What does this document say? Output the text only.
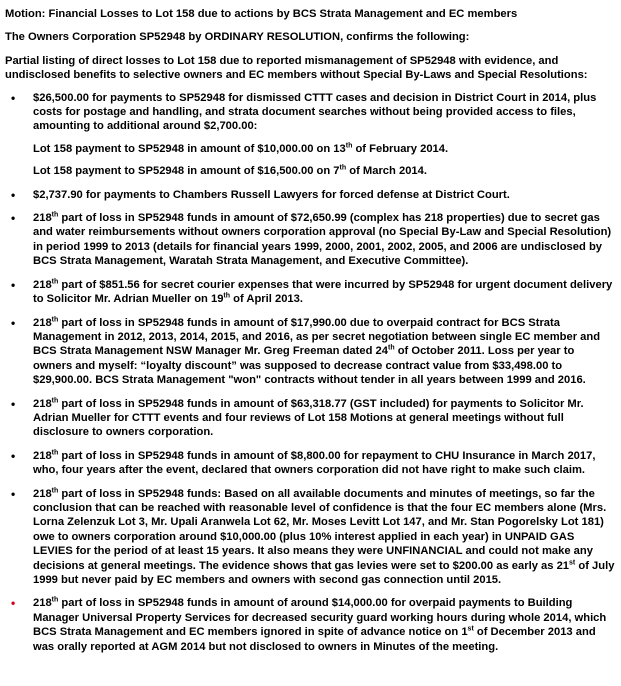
Motion: Financial Losses to Lot 158 due to actions by BCS Strata Management and EC members
The Owners Corporation SP52948 by ORDINARY RESOLUTION, confirms the following:
Partial listing of direct losses to Lot 158 due to reported mismanagement of SP52948 with evidence, and undisclosed benefits to selective owners and EC members without Special By-Laws and Special Resolutions:
• $26,500.00 for payments to SP52948 for dismissed CTTT cases and decision in District Court in 2014, plus costs for postage and handling, and strata document searches without being provided access to files, amounting to additional around $2,700.00:
Lot 158 payment to SP52948 in amount of $10,000.00 on 13th of February 2014.
Lot 158 payment to SP52948 in amount of $16,500.00 on 7th of March 2014.
• $2,737.90 for payments to Chambers Russell Lawyers for forced defense at District Court.
• 218th part of loss in SP52948 funds in amount of $72,650.99 (complex has 218 properties) due to secret gas and water reimbursements without owners corporation approval (no Special By-Law and Special Resolution) in period 1999 to 2013 (details for financial years 1999, 2000, 2001, 2002, 2005, and 2006 are undisclosed by BCS Strata Management, Waratah Strata Management, and Executive Committee).
• 218th part of $851.56 for secret courier expenses that were incurred by SP52948 for urgent document delivery to Solicitor Mr. Adrian Mueller on 19th of April 2013.
• 218th part of loss in SP52948 funds in amount of $17,990.00 due to overpaid contract for BCS Strata Management in 2012, 2013, 2014, 2015, and 2016, as per secret negotiation between single EC member and BCS Strata Management NSW Manager Mr. Greg Freeman dated 24th of October 2011. Loss per year to owners and myself: “loyalty discount” was supposed to decrease contract value from $33,498.00 to $29,900.00. BCS Strata Management "won" contracts without tender in all years between 1999 and 2016.
• 218th part of loss in SP52948 funds in amount of $63,318.77 (GST included) for payments to Solicitor Mr. Adrian Mueller for CTTT events and four reviews of Lot 158 Motions at general meetings without full disclosure to owners corporation.
• 218th part of loss in SP52948 funds in amount of $8,800.00 for repayment to CHU Insurance in March 2017, who, four years after the event, declared that owners corporation did not have right to make such claim.
• 218th part of loss in SP52948 funds: Based on all available documents and minutes of meetings, so far the conclusion that can be reached with reasonable level of confidence is that the four EC members alone (Mrs. Lorna Zelenzuk Lot 3, Mr. Upali Aranwela Lot 62, Mr. Moses Levitt Lot 147, and Mr. Stan Pogorelsky Lot 181) owe to owners corporation around $10,000.00 (plus 10% interest applied in each year) in UNPAID GAS LEVIES for the period of at least 15 years. It also means they were UNFINANCIAL and could not make any decisions at general meetings. The evidence shows that gas levies were set to $200.00 as early as 21st of July 1999 but never paid by EC members and owners with second gas connection until 2015.
• 218th part of loss in SP52948 funds in amount of around $14,000.00 for overpaid payments to Building Manager Universal Property Services for decreased security guard working hours during whole 2014, which BCS Strata Management and EC members ignored in spite of advance notice on 1st of December 2013 and was orally reported at AGM 2014 but not disclosed to owners in Minutes of the meeting.
